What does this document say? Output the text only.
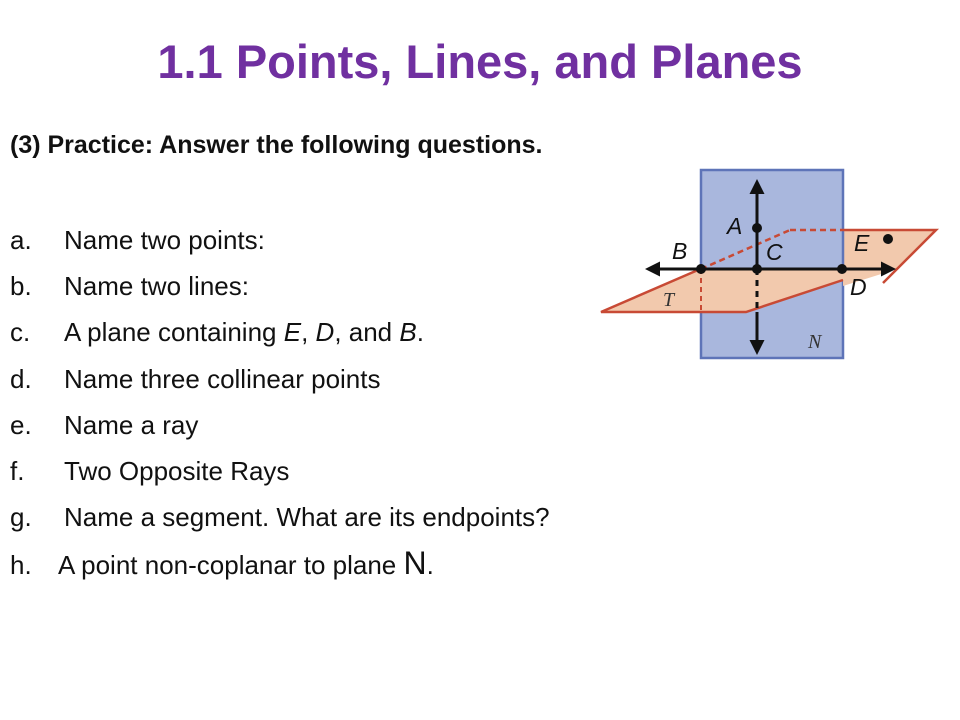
1.1 Points, Lines, and Planes
(3) Practice: Answer the following questions.
a. Name two points:
b. Name two lines:
c. A plane containing E, D, and B.
d. Name three collinear points
e. Name a ray
f. Two Opposite Rays
g. Name a segment. What are its endpoints?
h. A point non-coplanar to plane N.
A
B	C
D
E
T
N
